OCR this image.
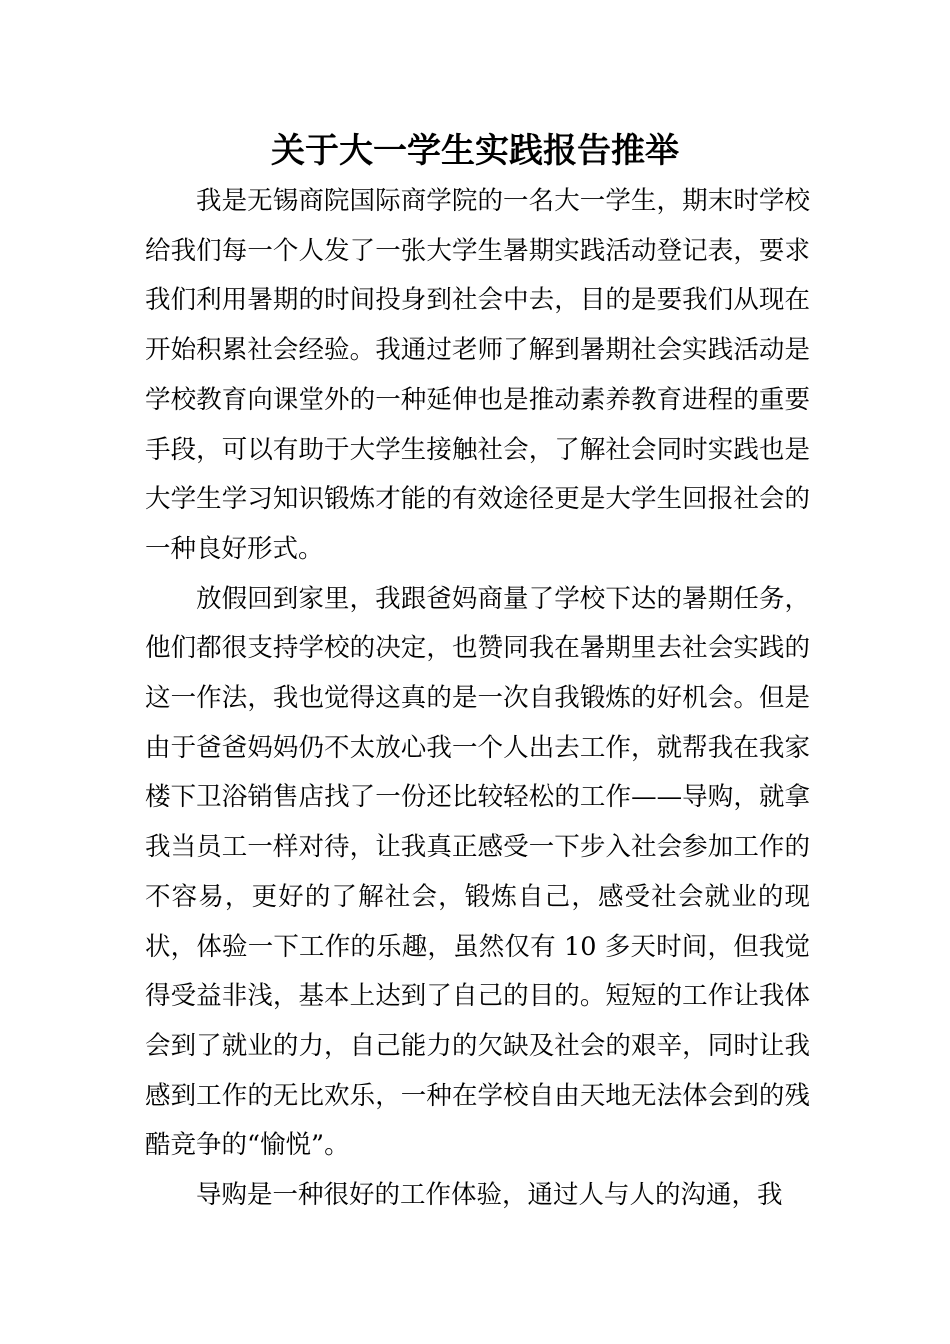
关于大一学生实践报告推举

我是无锡商院国际商学院的一名大一学生，期末时学校给我们每一个人发了一张大学生暑期实践活动登记表，要求我们利用暑期的时间投身到社会中去，目的是要我们从现在开始积累社会经验。我通过老师了解到暑期社会实践活动是学校教育向课堂外的一种延伸也是推动素养教育进程的重要手段，可以有助于大学生接触社会，了解社会同时实践也是大学生学习知识锻炼才能的有效途径更是大学生回报社会的一种良好形式。

放假回到家里，我跟爸妈商量了学校下达的暑期任务，他们都很支持学校的决定，也赞同我在暑期里去社会实践的这一作法，我也觉得这真的是一次自我锻炼的好机会。但是由于爸爸妈妈仍不太放心我一个人出去工作，就帮我在我家楼下卫浴销售店找了一份还比较轻松的工作——导购，就拿我当员工一样对待，让我真正感受一下步入社会参加工作的不容易，更好的了解社会，锻炼自己，感受社会就业的现状，体验一下工作的乐趣，虽然仅有 10 多天时间，但我觉得受益非浅，基本上达到了自己的目的。短短的工作让我体会到了就业的力，自己能力的欠缺及社会的艰辛，同时让我感到工作的无比欢乐，一种在学校自由天地无法体会到的残酷竞争的“愉悦”。

导购是一种很好的工作体验，通过人与人的沟通，我
